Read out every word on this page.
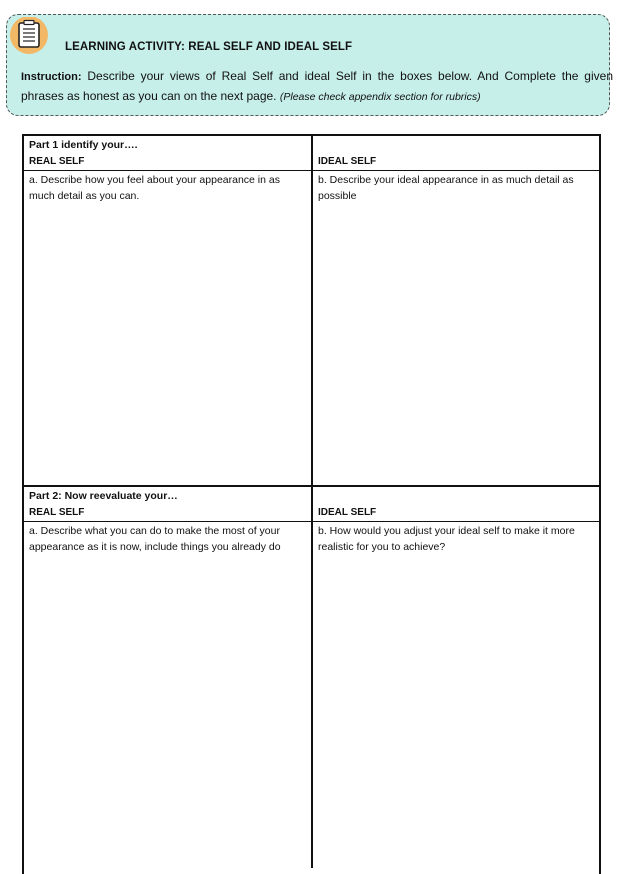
LEARNING ACTIVITY: REAL SELF AND IDEAL SELF
Instruction: Describe your views of Real Self and ideal Self in the boxes below. And Complete the given phrases as honest as you can on the next page. (Please check appendix section for rubrics)
Part 1 identify your….
REAL SELF	IDEAL SELF
a. Describe how you feel about your appearance in as much detail as you can.
b. Describe your ideal appearance in as much detail as possible
Part 2: Now reevaluate your…
REAL SELF	IDEAL SELF
a. Describe what you can do to make the most of your appearance as it is now, include things you already do
b. How would you adjust your ideal self to make it more realistic for you to achieve?
